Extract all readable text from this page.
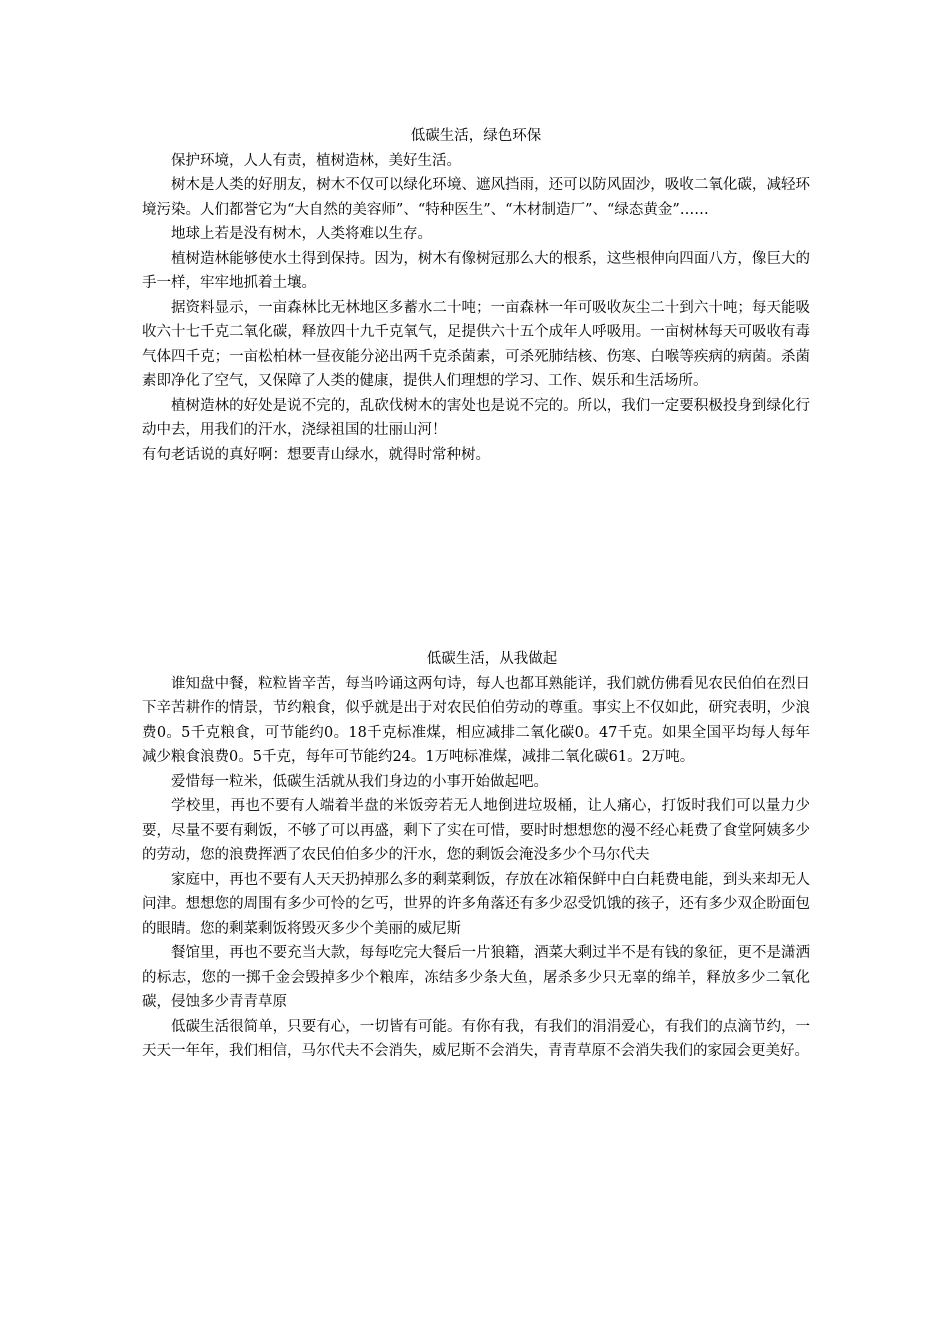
低碳生活，绿色环保

保护环境，人人有责，植树造林，美好生活。

树木是人类的好朋友，树木不仅可以绿化环境、遮风挡雨，还可以防风固沙，吸收二氧化碳，减轻环境污染。人们都誉它为“大自然的美容师”、“特种医生”、“木材制造厂”、“绿态黄金”……

地球上若是没有树木，人类将难以生存。

植树造林能够使水土得到保持。因为，树木有像树冠那么大的根系，这些根伸向四面八方，像巨大的手一样，牢牢地抓着土壤。

据资料显示，一亩森林比无林地区多蓄水二十吨；一亩森林一年可吸收灰尘二十到六十吨；每天能吸收六十七千克二氧化碳，释放四十九千克氧气，足提供六十五个成年人呼吸用。一亩树林每天可吸收有毒气体四千克；一亩松柏林一昼夜能分泌出两千克杀菌素，可杀死肺结核、伤寒、白喉等疾病的病菌。杀菌素即净化了空气，又保障了人类的健康，提供人们理想的学习、工作、娱乐和生活场所。

植树造林的好处是说不完的，乱砍伐树木的害处也是说不完的。所以，我们一定要积极投身到绿化行动中去，用我们的汗水，浇绿祖国的壮丽山河！

有句老话说的真好啊：想要青山绿水，就得时常种树。

低碳生活，从我做起

谁知盘中餐，粒粒皆辛苦，每当吟诵这两句诗，每人也都耳熟能详，我们就仿佛看见农民伯伯在烈日下辛苦耕作的情景，节约粮食，似乎就是出于对农民伯伯劳动的尊重。事实上不仅如此，研究表明，少浪费0。5千克粮食，可节能约0。18千克标准煤，相应减排二氧化碳0。47千克。如果全国平均每人每年减少粮食浪费0。5千克，每年可节能约24。1万吨标准煤，减排二氧化碳61。2万吨。

爱惜每一粒米，低碳生活就从我们身边的小事开始做起吧。

学校里，再也不要有人端着半盘的米饭旁若无人地倒进垃圾桶，让人痛心，打饭时我们可以量力少要，尽量不要有剩饭，不够了可以再盛，剩下了实在可惜，要时时想想您的漫不经心耗费了食堂阿姨多少的劳动，您的浪费挥洒了农民伯伯多少的汗水，您的剩饭会淹没多少个马尔代夫

家庭中，再也不要有人天天扔掉那么多的剩菜剩饭，存放在冰箱保鲜中白白耗费电能，到头来却无人问津。想想您的周围有多少可怜的乞丐，世界的许多角落还有多少忍受饥饿的孩子，还有多少双企盼面包的眼睛。您的剩菜剩饭将毁灭多少个美丽的威尼斯

餐馆里，再也不要充当大款，每每吃完大餐后一片狼籍，酒菜大剩过半不是有钱的象征，更不是潇洒的标志，您的一掷千金会毁掉多少个粮库，冻结多少条大鱼，屠杀多少只无辜的绵羊，释放多少二氧化碳，侵蚀多少青青草原

低碳生活很简单，只要有心，一切皆有可能。有你有我，有我们的涓涓爱心，有我们的点滴节约，一天天一年年，我们相信，马尔代夫不会消失，威尼斯不会消失，青青草原不会消失我们的家园会更美好。
